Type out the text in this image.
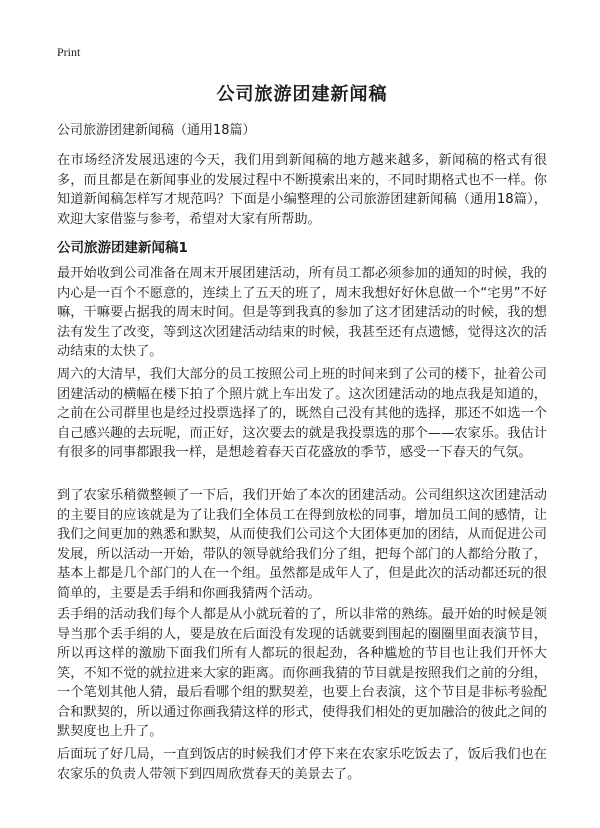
Print
公司旅游团建新闻稿
公司旅游团建新闻稿（通用18篇）

在市场经济发展迅速的今天，我们用到新闻稿的地方越来越多，新闻稿的格式有很多，而且都是在新闻事业的发展过程中不断摸索出来的，不同时期格式也不一样。你知道新闻稿怎样写才规范吗？下面是小编整理的公司旅游团建新闻稿（通用18篇），欢迎大家借鉴与参考，希望对大家有所帮助。

公司旅游团建新闻稿1

最开始收到公司准备在周末开展团建活动，所有员工都必须参加的通知的时候，我的内心是一百个不愿意的，连续上了五天的班了，周末我想好好休息做一个“宅男”不好嘛，干嘛要占据我的周末时间。但是等到我真的参加了这才团建活动的时候，我的想法有发生了改变，等到这次团建活动结束的时候，我甚至还有点遗憾，觉得这次的活动结束的太快了。

周六的大清早，我们大部分的员工按照公司上班的时间来到了公司的楼下，扯着公司团建活动的横幅在楼下拍了个照片就上车出发了。这次团建活动的地点我是知道的，之前在公司群里也是经过投票选择了的，既然自己没有其他的选择，那还不如选一个自己感兴趣的去玩呢，而正好，这次要去的就是我投票选的那个——农家乐。我估计有很多的同事都跟我一样，是想趁着春天百花盛放的季节，感受一下春天的气氛。

到了农家乐稍微整顿了一下后，我们开始了本次的团建活动。公司组织这次团建活动的主要目的应该就是为了让我们全体员工在得到放松的同事，增加员工间的感情，让我们之间更加的熟悉和默契，从而使我们公司这个大团体更加的团结，从而促进公司发展，所以活动一开始，带队的领导就给我们分了组，把每个部门的人都给分散了，基本上都是几个部门的人在一个组。虽然都是成年人了，但是此次的活动都还玩的很简单的，主要是丢手绢和你画我猜两个活动。

丢手绢的活动我们每个人都是从小就玩着的了，所以非常的熟练。最开始的时候是领导当那个丢手绢的人，要是放在后面没有发现的话就要到围起的圈圈里面表演节目，所以再这样的激励下面我们所有人都玩的很起劲，各种尴尬的节目也让我们开怀大笑，不知不觉的就拉进来大家的距离。而你画我猜的节目就是按照我们之前的分组，一个笔划其他人猜，最后看哪个组的默契差，也要上台表演，这个节目是非标考验配合和默契的，所以通过你画我猜这样的形式，使得我们相处的更加融洽的彼此之间的默契度也上升了。

后面玩了好几局，一直到饭店的时候我们才停下来在农家乐吃饭去了，饭后我们也在农家乐的负责人带领下到四周欣赏春天的美景去了。
